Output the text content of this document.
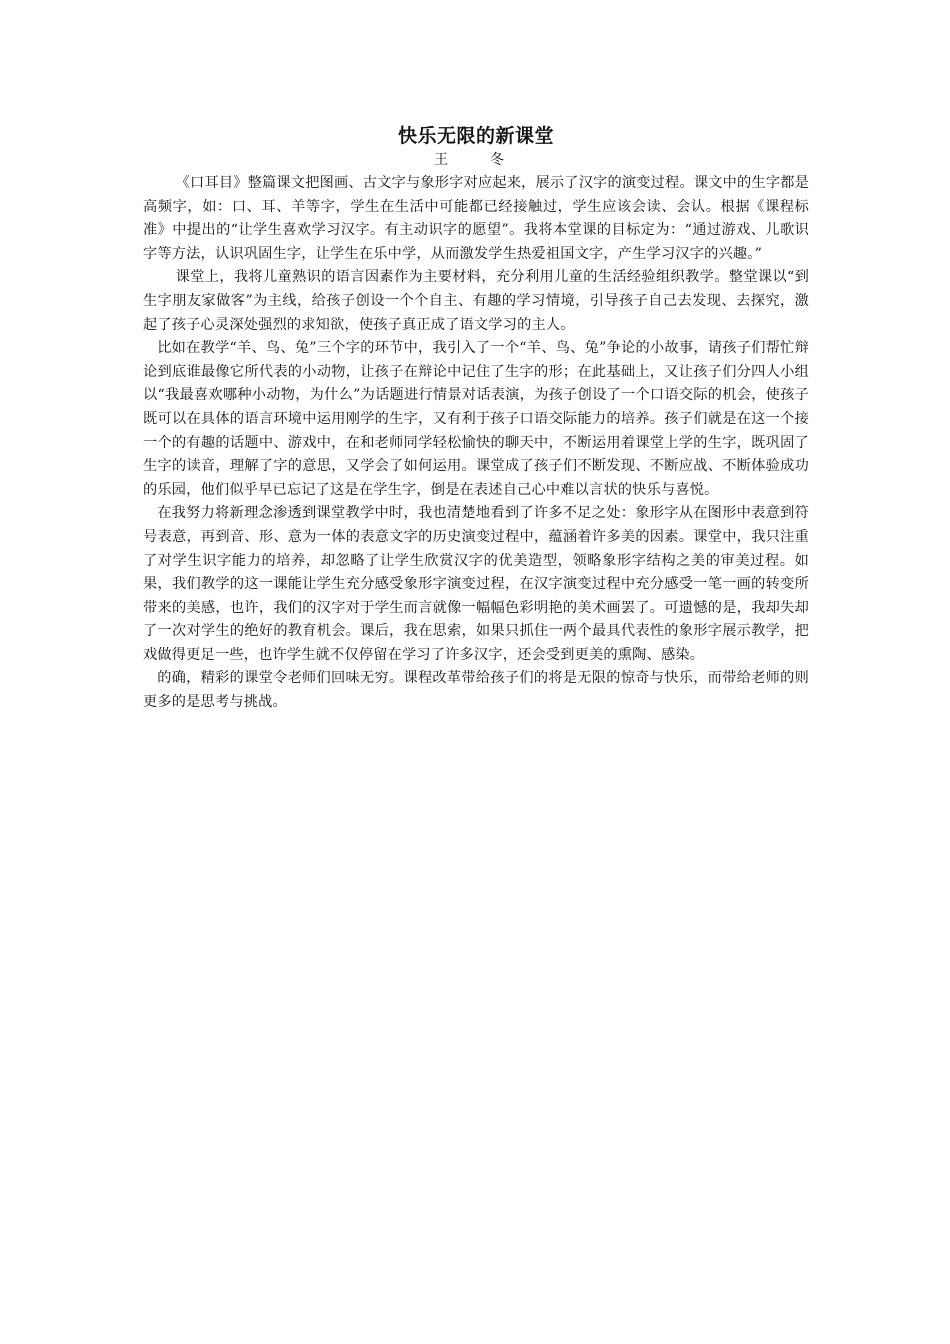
快乐无限的新课堂

王　冬

《口耳目》整篇课文把图画、古文字与象形字对应起来，展示了汉字的演变过程。课文中的生字都是高频字，如：口、耳、羊等字，学生在生活中可能都已经接触过，学生应该会读、会认。根据《课程标准》中提出的“让学生喜欢学习汉字。有主动识字的愿望”。我将本堂课的目标定为：“通过游戏、儿歌识字等方法，认识巩固生字，让学生在乐中学，从而激发学生热爱祖国文字，产生学习汉字的兴趣。”

课堂上，我将儿童熟识的语言因素作为主要材料，充分利用儿童的生活经验组织教学。整堂课以“到生字朋友家做客”为主线，给孩子创设一个个自主、有趣的学习情境，引导孩子自己去发现、去探究，激起了孩子心灵深处强烈的求知欲，使孩子真正成了语文学习的主人。

比如在教学“羊、鸟、兔”三个字的环节中，我引入了一个“羊、鸟、兔”争论的小故事，请孩子们帮忙辩论到底谁最像它所代表的小动物，让孩子在辩论中记住了生字的形；在此基础上，又让孩子们分四人小组以“我最喜欢哪种小动物，为什么”为话题进行情景对话表演，为孩子创设了一个口语交际的机会，使孩子既可以在具体的语言环境中运用刚学的生字，又有利于孩子口语交际能力的培养。孩子们就是在这一个接一个的有趣的话题中、游戏中，在和老师同学轻松愉快的聊天中，不断运用着课堂上学的生字，既巩固了生字的读音，理解了字的意思，又学会了如何运用。课堂成了孩子们不断发现、不断应战、不断体验成功的乐园，他们似乎早已忘记了这是在学生字，倒是在表述自己心中难以言状的快乐与喜悦。

在我努力将新理念渗透到课堂教学中时，我也清楚地看到了许多不足之处：象形字从在图形中表意到符号表意，再到音、形、意为一体的表意文字的历史演变过程中，蕴涵着许多美的因素。课堂中，我只注重了对学生识字能力的培养，却忽略了让学生欣赏汉字的优美造型，领略象形字结构之美的审美过程。如果，我们教学的这一课能让学生充分感受象形字演变过程，在汉字演变过程中充分感受一笔一画的转变所带来的美感，也许，我们的汉字对于学生而言就像一幅幅色彩明艳的美术画罢了。可遗憾的是，我却失却了一次对学生的绝好的教育机会。课后，我在思索，如果只抓住一两个最具代表性的象形字展示教学，把戏做得更足一些，也许学生就不仅停留在学习了许多汉字，还会受到更美的熏陶、感染。

的确，精彩的课堂令老师们回味无穷。课程改革带给孩子们的将是无限的惊奇与快乐，而带给老师的则更多的是思考与挑战。
